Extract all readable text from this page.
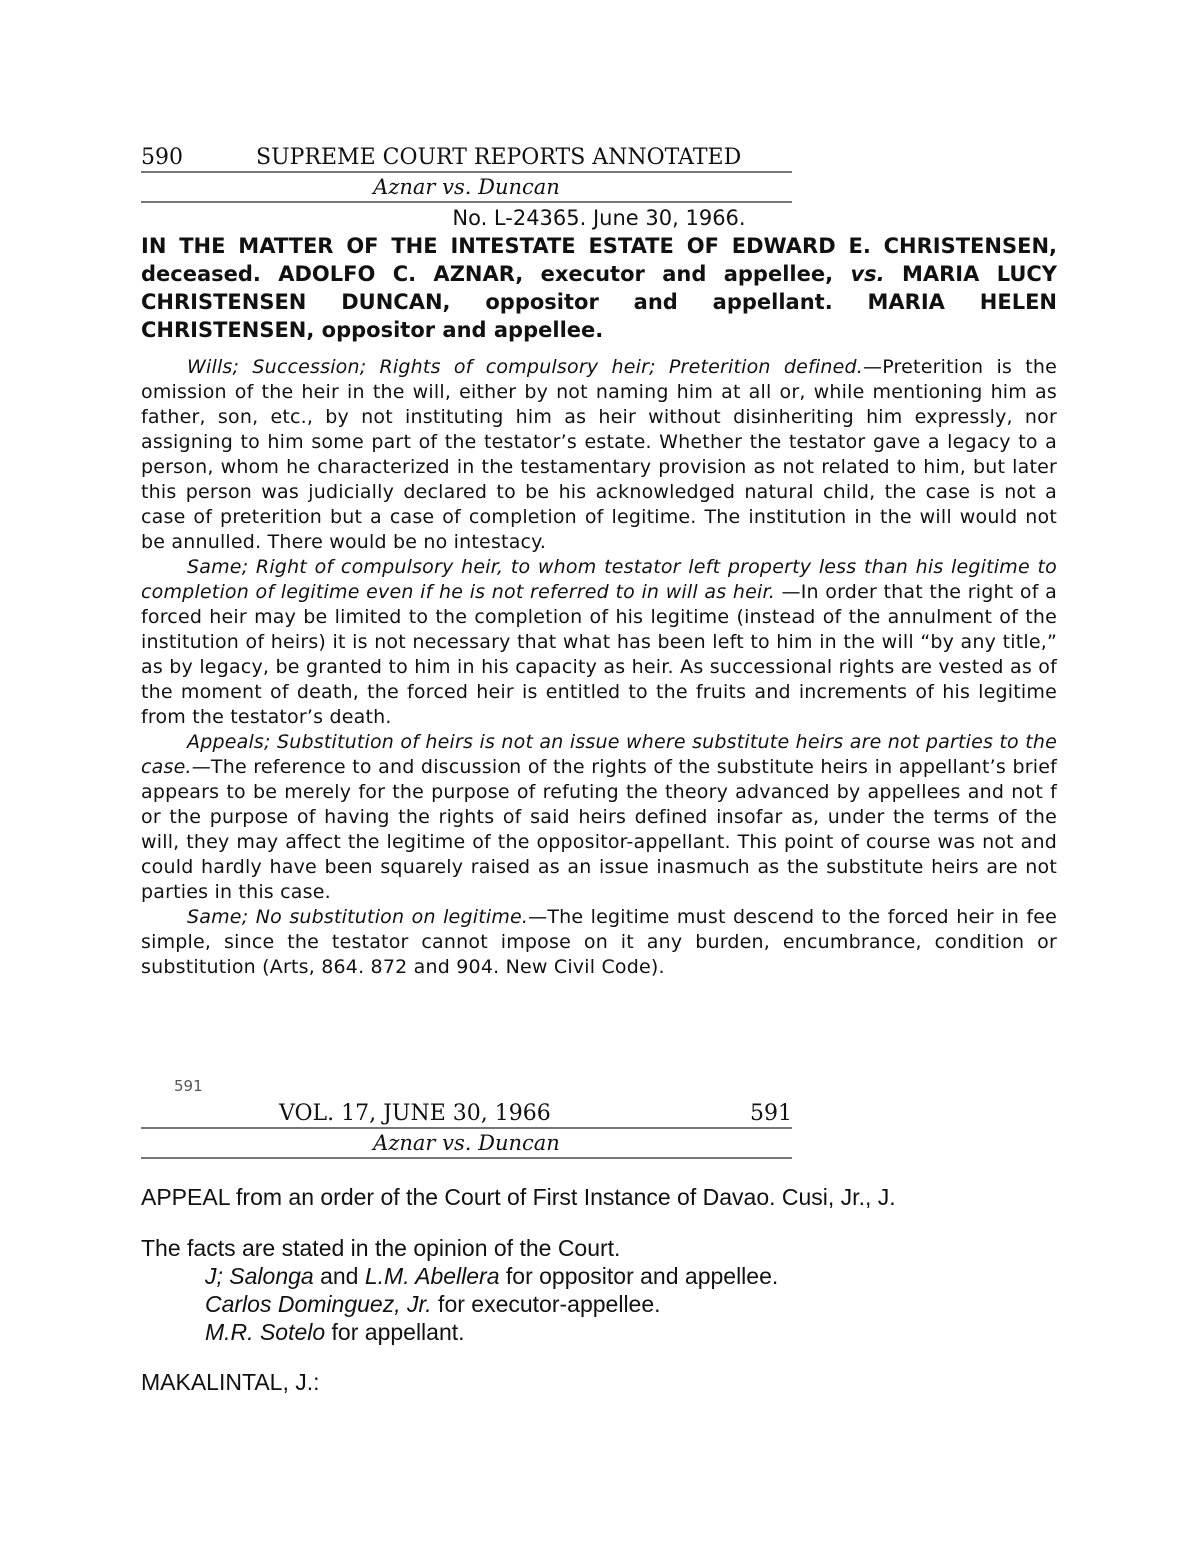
590	SUPREME COURT REPORTS ANNOTATED
Aznar vs. Duncan
No. L-24365. June 30, 1966.
IN THE MATTER OF THE INTESTATE ESTATE OF EDWARD E. CHRISTENSEN, deceased. ADOLFO C. AZNAR, executor and appellee, vs. MARIA LUCY CHRISTENSEN DUNCAN, oppositor and appellant. MARIA HELEN CHRISTENSEN, oppositor and appellee.

Wills; Succession; Rights of compulsory heir; Preterition defined.—Preterition is the omission of the heir in the will, either by not naming him at all or, while mentioning him as father, son, etc., by not instituting him as heir without disinheriting him expressly, nor assigning to him some part of the testator’s estate. Whether the testator gave a legacy to a person, whom he characterized in the testamentary provision as not related to him, but later this person was judicially declared to be his acknowledged natural child, the case is not a case of preterition but a case of completion of legitime. The institution in the will would not be annulled. There would be no intestacy.

Same; Right of compulsory heir, to whom testator left property less than his legitime to completion of legitime even if he is not referred to in will as heir. —In order that the right of a forced heir may be limited to the completion of his legitime (instead of the annulment of the institution of heirs) it is not necessary that what has been left to him in the will “by any title,” as by legacy, be granted to him in his capacity as heir. As successional rights are vested as of the moment of death, the forced heir is entitled to the fruits and increments of his legitime from the testator’s death.

Appeals; Substitution of heirs is not an issue where substitute heirs are not parties to the case.—The reference to and discussion of the rights of the substitute heirs in appellant’s brief appears to be merely for the purpose of refuting the theory advanced by appellees and not f or the purpose of having the rights of said heirs defined insofar as, under the terms of the will, they may affect the legitime of the oppositor-appellant. This point of course was not and could hardly have been squarely raised as an issue inasmuch as the substitute heirs are not parties in this case.

Same; No substitution on legitime.—The legitime must descend to the forced heir in fee simple, since the testator cannot impose on it any burden, encumbrance, condition or substitution (Arts, 864. 872 and 904. New Civil Code).

591
VOL. 17, JUNE 30, 1966	591
Aznar vs. Duncan
APPEAL from an order of the Court of First Instance of Davao. Cusi, Jr., J.

The facts are stated in the opinion of the Court.

J; Salonga and L.M. Abellera for oppositor and appellee.

Carlos Dominguez, Jr. for executor-appellee.

M.R. Sotelo for appellant.

MAKALINTAL, J.:
